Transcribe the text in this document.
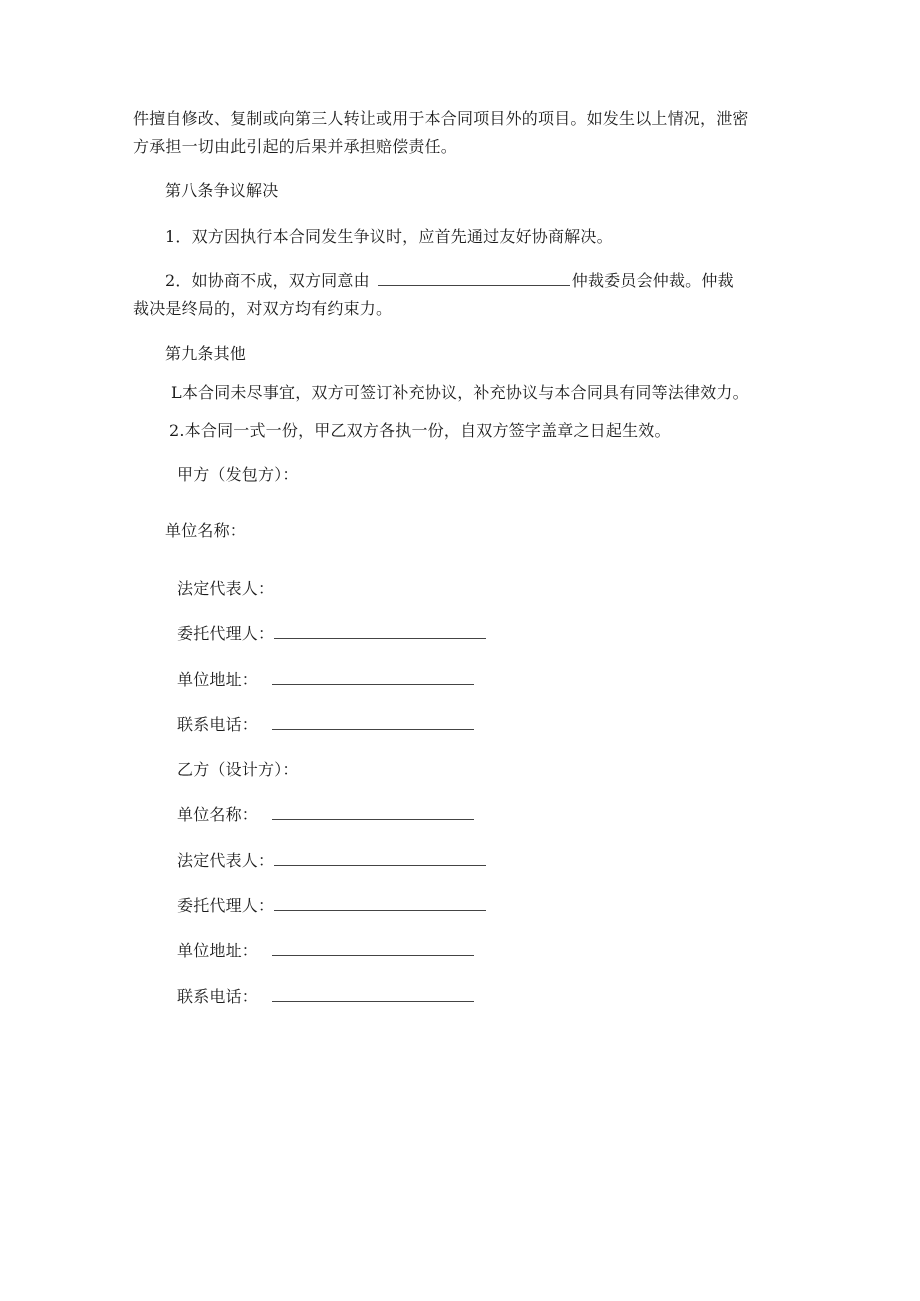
件擅自修改、复制或向第三人转让或用于本合同项目外的项目。如发生以上情况，泄密
方承担一切由此引起的后果并承担赔偿责任。
第八条争议解决
1．双方因执行本合同发生争议时，应首先通过友好协商解决。
2．如协商不成，双方同意由	仲裁委员会仲裁。仲裁
裁决是终局的，对双方均有约束力。
第九条其他
L本合同未尽事宜，双方可签订补充协议，补充协议与本合同具有同等法律效力。
2.本合同一式一份，甲乙双方各执一份，自双方签字盖章之日起生效。
甲方（发包方）：
单位名称：
法定代表人：
委托代理人：
单位地址：
联系电话：
乙方（设计方）：
单位名称：
法定代表人：
委托代理人：
单位地址：
联系电话：
